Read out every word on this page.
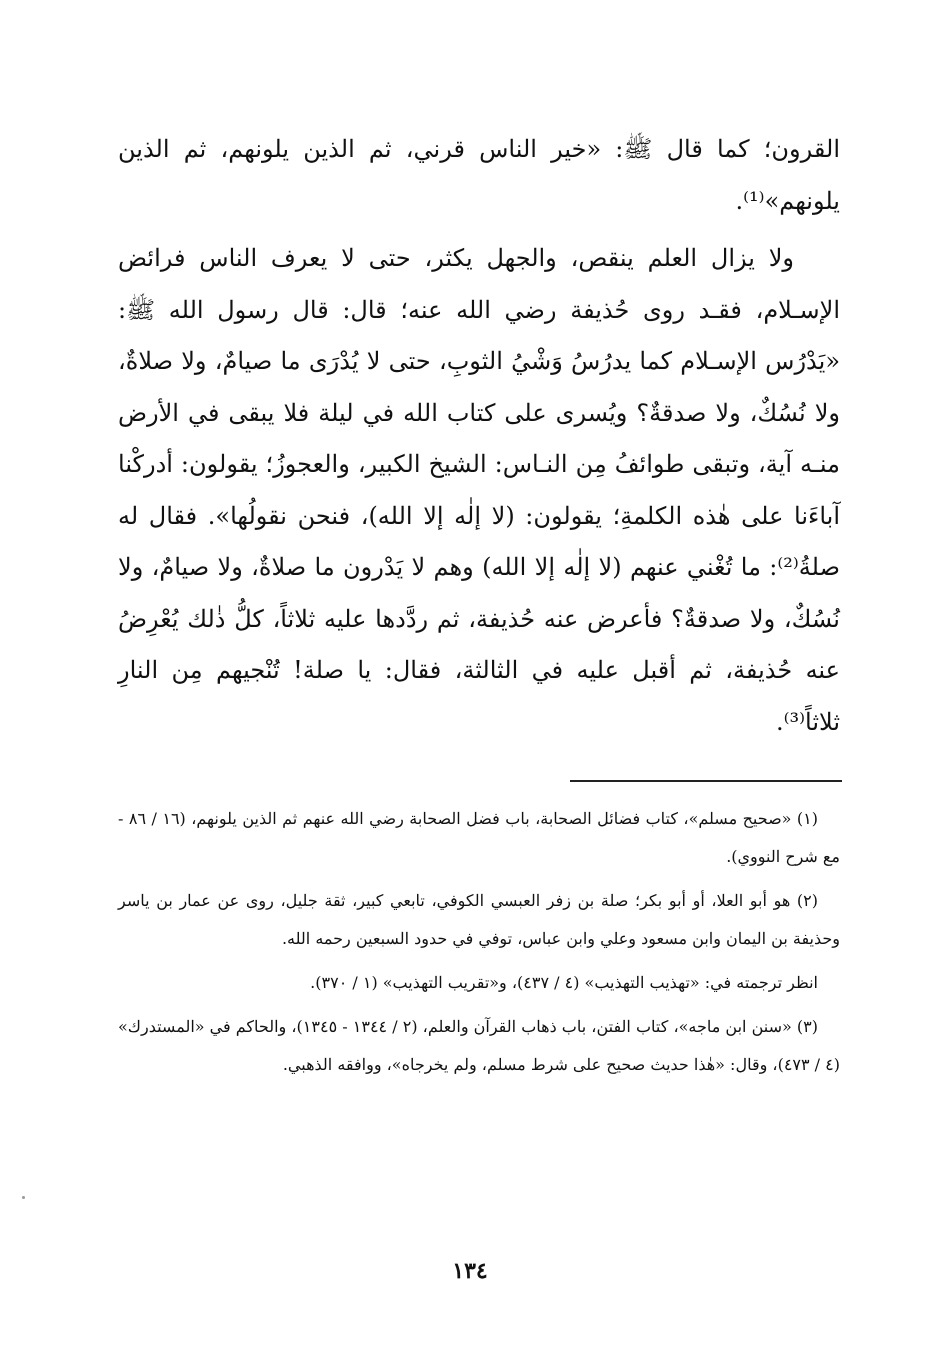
القرون؛ كما قال ﷺ: «خير الناس قرني، ثم الذين يلونهم، ثم الذين يلونهم»⁽¹⁾.

ولا يزال العلم ينقص، والجهل يكثر، حتى لا يعرف الناس فرائض الإسـلام، فقـد روى حُذيفة رضي الله عنه؛ قال: قال رسول الله ﷺ: «يَدْرُس الإسـلام كما يدرُسُ وَشْيُ الثوبِ، حتى لا يُدْرَى ما صيامٌ، ولا صلاةٌ، ولا نُسُكٌ، ولا صدقةٌ؟ ويُسرى على كتاب الله في ليلة فلا يبقى في الأرض منـه آية، وتبقى طوائفُ مِن النـاس: الشيخ الكبير، والعجوزُ؛ يقولون: أدركْنا آباءَنا على هٰذه الكلمةِ؛ يقولون: (لا إلٰه إلا الله)، فنحن نقولُها». فقال له صلةُ⁽²⁾: ما تُغْني عنهم (لا إلٰه إلا الله) وهم لا يَدْرون ما صلاةٌ، ولا صيامٌ، ولا نُسُكٌ، ولا صدقةٌ؟ فأعرض عنه حُذيفة، ثم ردَّدها عليه ثلاثاً، كلُّ ذٰلك يُعْرِضُ عنه حُذيفة، ثم أقبل عليه في الثالثة، فقال: يا صلة! تُنْجيهم مِن النارِ ثلاثاً⁽³⁾.

(١) «صحيح مسلم»، كتاب فضائل الصحابة، باب فضل الصحابة رضي الله عنهم ثم الذين يلونهم، (١٦ / ٨٦ - مع شرح النووي).

(٢) هو أبو العلا، أو أبو بكر؛ صلة بن زفر العبسي الكوفي، تابعي كبير، ثقة جليل، روى عن عمار بن ياسر وحذيفة بن اليمان وابن مسعود وعلي وابن عباس، توفي في حدود السبعين رحمه الله.

انظر ترجمته في: «تهذيب التهذيب» (٤ / ٤٣٧)، و«تقريب التهذيب» (١ / ٣٧٠).

(٣) «سنن ابن ماجه»، كتاب الفتن، باب ذهاب القرآن والعلم، (٢ / ١٣٤٤ - ١٣٤٥)، والحاكم في «المستدرك» (٤ / ٤٧٣)، وقال: «هٰذا حديث صحيح على شرط مسلم، ولم يخرجاه»، ووافقه الذهبي.

١٣٤
